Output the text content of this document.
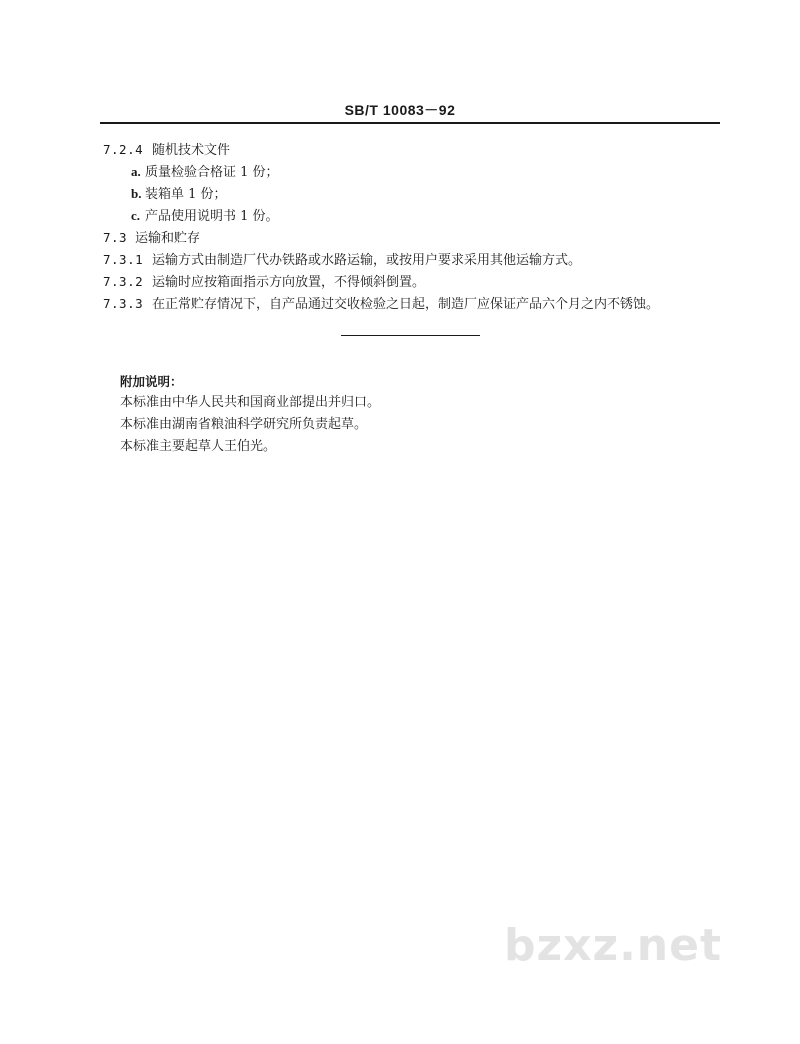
SB/T 10083－92
7.2.4 随机技术文件
a. 质量检验合格证 1 份；
b. 装箱单 1 份；
c. 产品使用说明书 1 份。
7.3 运输和贮存
7.3.1 运输方式由制造厂代办铁路或水路运输，或按用户要求采用其他运输方式。
7.3.2 运输时应按箱面指示方向放置，不得倾斜倒置。
7.3.3 在正常贮存情况下，自产品通过交收检验之日起，制造厂应保证产品六个月之内不锈蚀。
附加说明：
本标准由中华人民共和国商业部提出并归口。
本标准由湖南省粮油科学研究所负责起草。
本标准主要起草人王伯光。
bzxz.net
